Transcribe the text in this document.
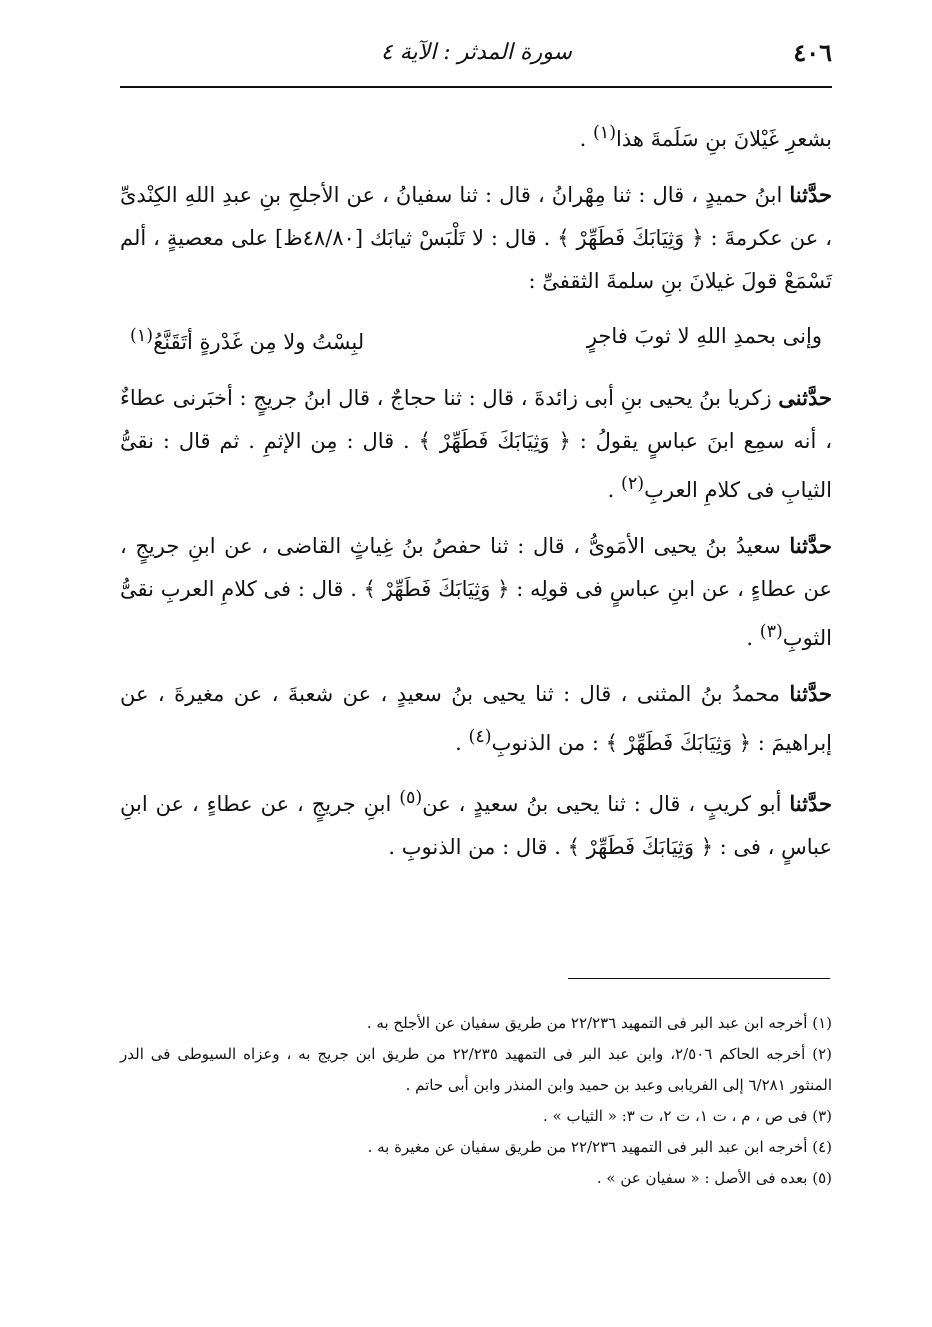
٤٠٦
سورة المدثر : الآية ٤

بشعرِ غَيْلانَ بنِ سَلَمةَ هذا$^{(١)}$ .

حدَّثنا ابنُ حميدٍ ، قال : ثنا مِهْرانُ ، قال : ثنا سفيانُ ، عن الأجلحِ بنِ عبدِ اللهِ الكِنْدىِّ ، عن عكرمةَ : ﴿ وَثِيَابَكَ فَطَهِّرْ ﴾ . قال : لا تَلْبَسْ ثيابَك [٤٨/٨٠ظ] على معصيةٍ ، ألم تَسْمَعْ قولَ غيلانَ بنِ سلمةَ الثقفىِّ :

وإنى بحمدِ اللهِ لا ثوبَ فاجرٍ
لبِسْتُ ولا مِن غَدْرةٍ أتَقَنَّعُ$^{(١)}$

حدَّثنى زكريا بنُ يحيى بنِ أبى زائدةَ ، قال : ثنا حجاجٌ ، قال ابنُ جريجٍ : أخبَرنى عطاءٌ ، أنه سمِع ابنَ عباسٍ يقولُ : ﴿ وَثِيَابَكَ فَطَهِّرْ ﴾ . قال : مِن الإثمِ . ثم قال : نقىُّ الثيابِ فى كلامِ العربِ$^{(٢)}$ .

حدَّثنا سعيدُ بنُ يحيى الأمَوىُّ ، قال : ثنا حفصُ بنُ غِياثٍ القاضى ، عن ابنِ جريجٍ ، عن عطاءٍ ، عن ابنِ عباسٍ فى قولِه : ﴿ وَثِيَابَكَ فَطَهِّرْ ﴾ . قال : فى كلامِ العربِ نقىُّ الثوبِ$^{(٣)}$ .

حدَّثنا محمدُ بنُ المثنى ، قال : ثنا يحيى بنُ سعيدٍ ، عن شعبةَ ، عن مغيرةَ ، عن إبراهيمَ : ﴿ وَثِيَابَكَ فَطَهِّرْ ﴾ : من الذنوبِ$^{(٤)}$ .

حدَّثنا أبو كريبٍ ، قال : ثنا يحيى بنُ سعيدٍ ، عن$^{(٥)}$ ابنِ جريجٍ ، عن عطاءٍ ، عن ابنِ عباسٍ ، فى : ﴿ وَثِيَابَكَ فَطَهِّرْ ﴾ . قال : من الذنوبِ .

(١) أخرجه ابن عبد البر فى التمهيد ٢٢/٢٣٦ من طريق سفيان عن الأجلح به .

(٢) أخرجه الحاكم ٢/٥٠٦، وابن عبد البر فى التمهيد ٢٢/٢٣٥ من طريق ابن جريج به ، وعزاه السيوطى فى الدر المنثور ٦/٢٨١ إلى الفريابى وعبد بن حميد وابن المنذر وابن أبى حاتم .

(٣) فى ص ، م ، ت ١، ت ٢، ت ٣: « الثياب » .

(٤) أخرجه ابن عبد البر فى التمهيد ٢٢/٢٣٦ من طريق سفيان عن مغيرة به .

(٥) بعده فى الأصل : « سفيان عن » .
